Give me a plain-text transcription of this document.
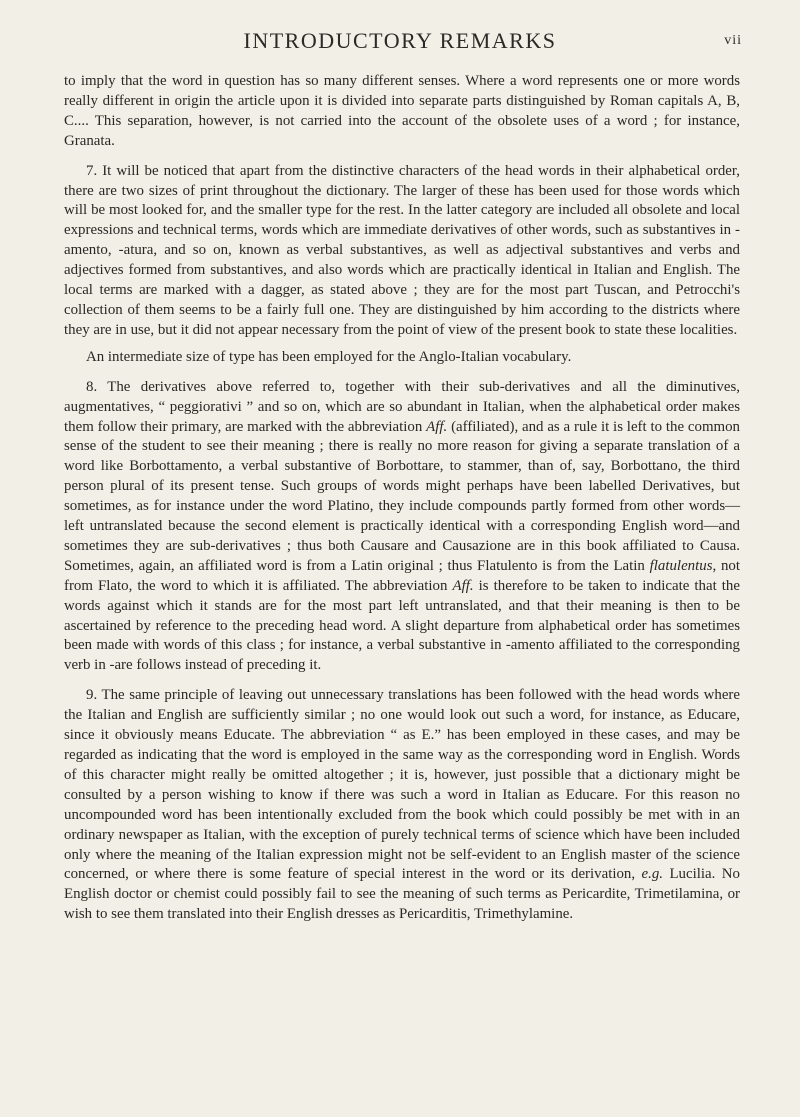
INTRODUCTORY REMARKS	vii

to imply that the word in question has so many different senses. Where a word represents one or more words really different in origin the article upon it is divided into separate parts distinguished by Roman capitals A, B, C.... This separation, however, is not carried into the account of the obsolete uses of a word ; for instance, Granata.

7. It will be noticed that apart from the distinctive characters of the head words in their alphabetical order, there are two sizes of print throughout the dictionary. The larger of these has been used for those words which will be most looked for, and the smaller type for the rest. In the latter category are included all obsolete and local expressions and technical terms, words which are immediate derivatives of other words, such as substantives in -amento, -atura, and so on, known as verbal substantives, as well as adjectival substantives and verbs and adjectives formed from substantives, and also words which are practically identical in Italian and English. The local terms are marked with a dagger, as stated above ; they are for the most part Tuscan, and Petrocchi's collection of them seems to be a fairly full one. They are distinguished by him according to the districts where they are in use, but it did not appear necessary from the point of view of the present book to state these localities.

An intermediate size of type has been employed for the Anglo-Italian vocabulary.

8. The derivatives above referred to, together with their sub-derivatives and all the diminutives, augmentatives, “ peggiorativi ” and so on, which are so abundant in Italian, when the alphabetical order makes them follow their primary, are marked with the abbreviation Aff. (affiliated), and as a rule it is left to the common sense of the student to see their meaning ; there is really no more reason for giving a separate translation of a word like Borbottamento, a verbal substantive of Borbottare, to stammer, than of, say, Borbottano, the third person plural of its present tense. Such groups of words might perhaps have been labelled Derivatives, but sometimes, as for instance under the word Platino, they include compounds partly formed from other words—left untranslated because the second element is practically identical with a corresponding English word—and sometimes they are sub-derivatives ; thus both Causare and Causazione are in this book affiliated to Causa. Sometimes, again, an affiliated word is from a Latin original ; thus Flatulento is from the Latin flatulentus, not from Flato, the word to which it is affiliated. The abbreviation Aff. is therefore to be taken to indicate that the words against which it stands are for the most part left untranslated, and that their meaning is then to be ascertained by reference to the preceding head word. A slight departure from alphabetical order has sometimes been made with words of this class ; for instance, a verbal substantive in -amento affiliated to the corresponding verb in -are follows instead of preceding it.

9. The same principle of leaving out unnecessary translations has been followed with the head words where the Italian and English are sufficiently similar ; no one would look out such a word, for instance, as Educare, since it obviously means Educate. The abbreviation “ as E.” has been employed in these cases, and may be regarded as indicating that the word is employed in the same way as the corresponding word in English. Words of this character might really be omitted altogether ; it is, however, just possible that a dictionary might be consulted by a person wishing to know if there was such a word in Italian as Educare. For this reason no uncompounded word has been intentionally excluded from the book which could possibly be met with in an ordinary newspaper as Italian, with the exception of purely technical terms of science which have been included only where the meaning of the Italian expression might not be self-evident to an English master of the science concerned, or where there is some feature of special interest in the word or its derivation, e.g. Lucilia. No English doctor or chemist could possibly fail to see the meaning of such terms as Pericardite, Trimetilamina, or wish to see them translated into their English dresses as Pericarditis, Trimethylamine.
